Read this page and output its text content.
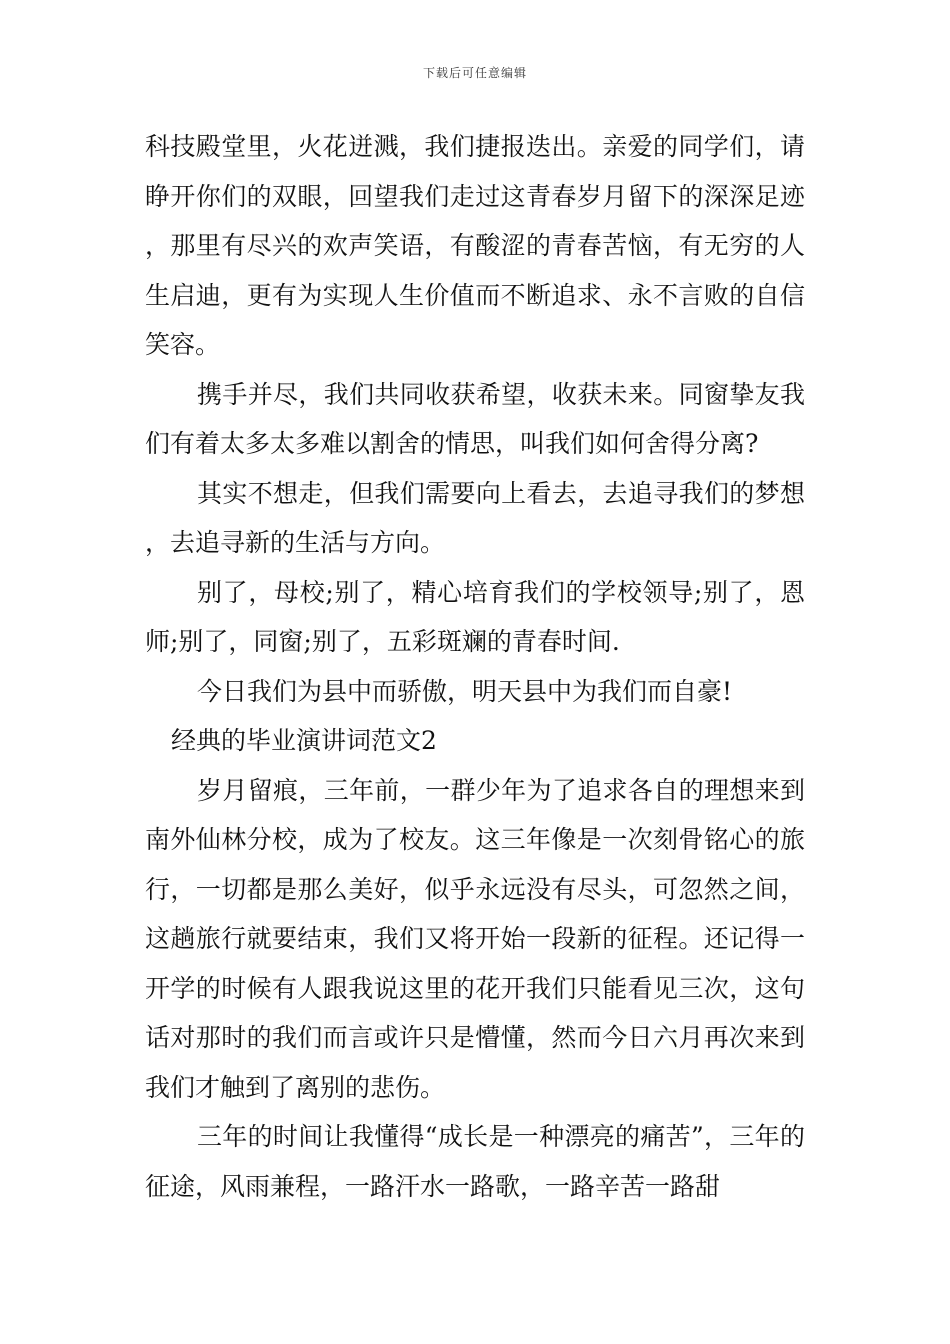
下载后可任意编辑

科技殿堂里，火花迸溅，我们捷报迭出。亲爱的同学们，请睁开你们的双眼，回望我们走过这青春岁月留下的深深足迹，那里有尽兴的欢声笑语，有酸涩的青春苦恼，有无穷的人生启迪，更有为实现人生价值而不断追求、永不言败的自信笑容。

携手并尽，我们共同收获希望，收获未来。同窗挚友我们有着太多太多难以割舍的情思，叫我们如何舍得分离?

其实不想走，但我们需要向上看去，去追寻我们的梦想，去追寻新的生活与方向。

别了，母校;别了，精心培育我们的学校领导;别了，恩师;别了，同窗;别了，五彩斑斓的青春时间.

今日我们为县中而骄傲，明天县中为我们而自豪!

经典的毕业演讲词范文2

岁月留痕，三年前，一群少年为了追求各自的理想来到南外仙林分校，成为了校友。这三年像是一次刻骨铭心的旅行，一切都是那么美好，似乎永远没有尽头，可忽然之间，这趟旅行就要结束，我们又将开始一段新的征程。还记得一开学的时候有人跟我说这里的花开我们只能看见三次，这句话对那时的我们而言或许只是懵懂，然而今日六月再次来到我们才触到了离别的悲伤。

三年的时间让我懂得“成长是一种漂亮的痛苦”，三年的征途，风雨兼程，一路汗水一路歌，一路辛苦一路甜
